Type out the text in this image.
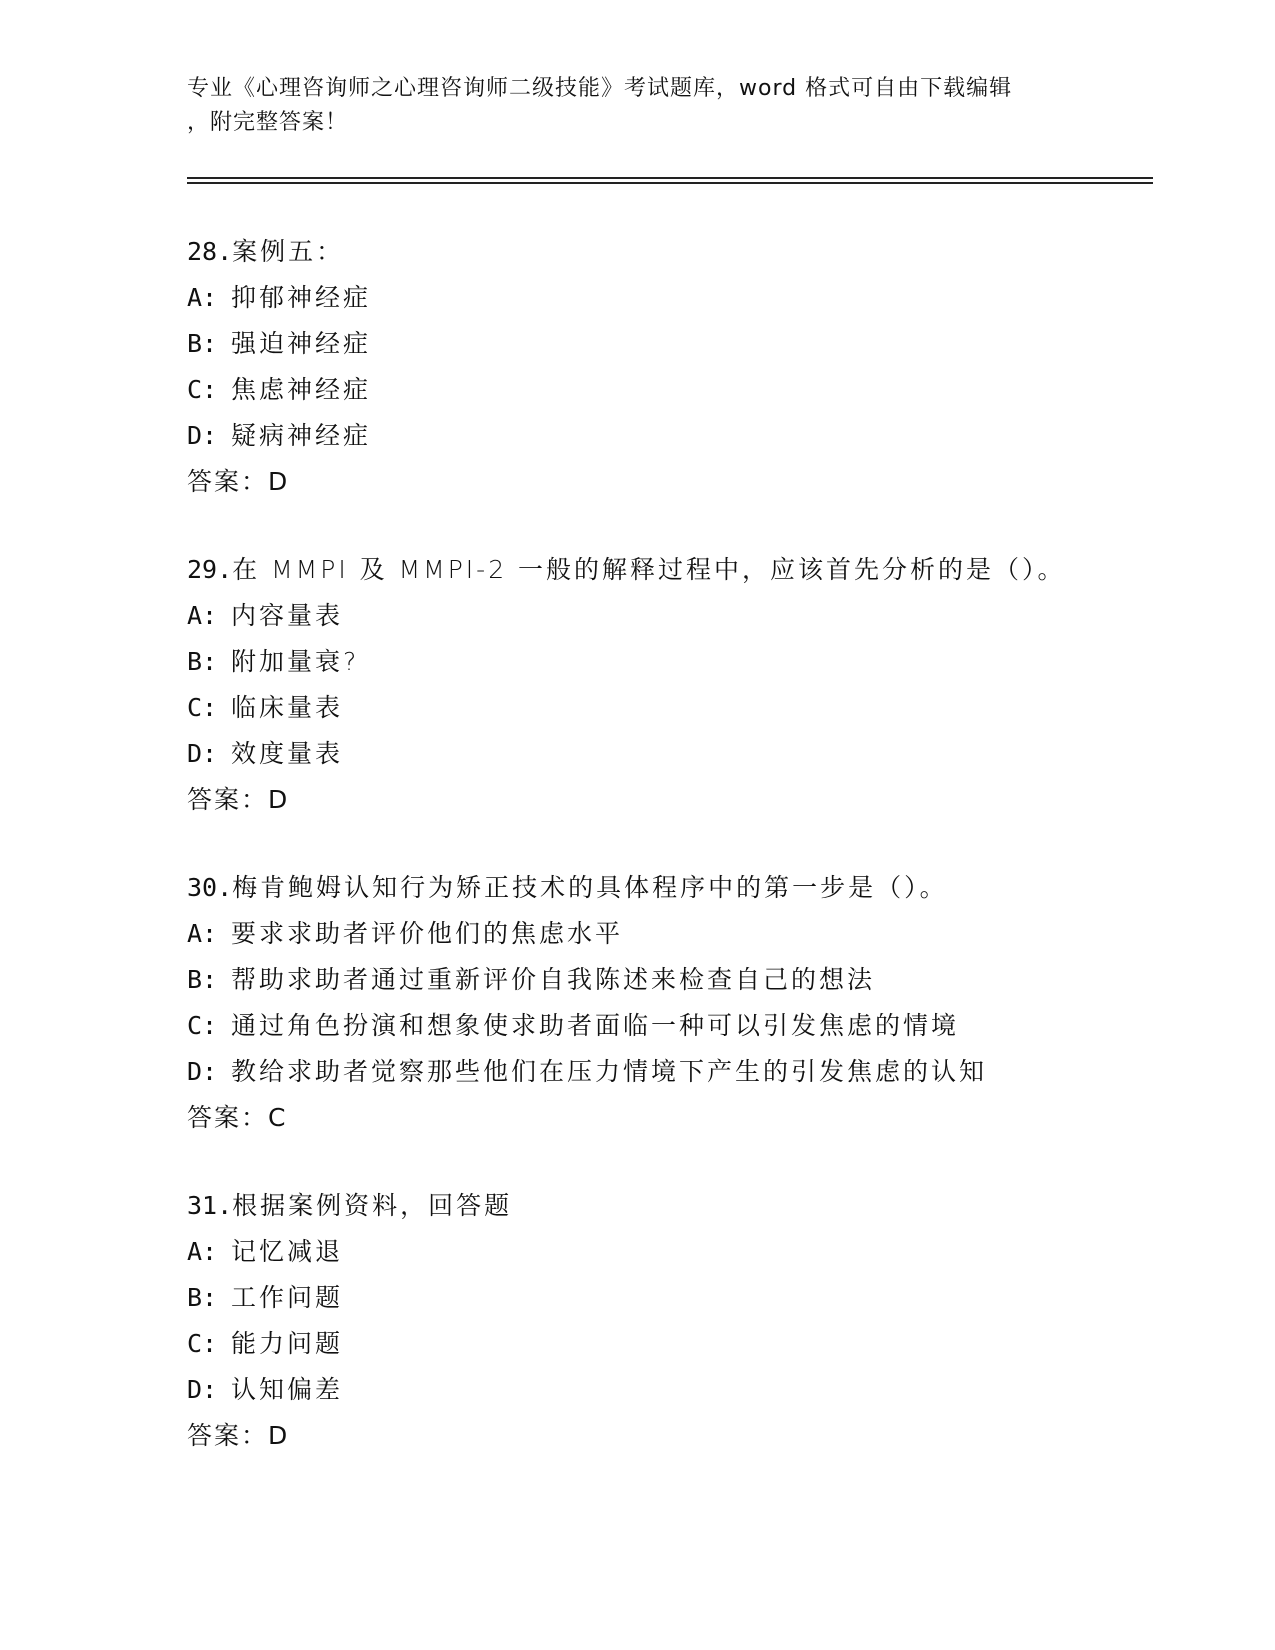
专业《心理咨询师之心理咨询师二级技能》考试题库，word 格式可自由下载编辑
，附完整答案！
28.案例五：
A: 抑郁神经症
B: 强迫神经症
C: 焦虑神经症
D: 疑病神经症
答案：D
29.在 MMPI 及 MMPI-2 一般的解释过程中，应该首先分析的是（）。
A: 内容量表
B: 附加量衰?
C: 临床量表
D: 效度量表
答案：D
30.梅肯鲍姆认知行为矫正技术的具体程序中的第一步是（）。
A: 要求求助者评价他们的焦虑水平
B: 帮助求助者通过重新评价自我陈述来检查自己的想法
C: 通过角色扮演和想象使求助者面临一种可以引发焦虑的情境
D: 教给求助者觉察那些他们在压力情境下产生的引发焦虑的认知
答案：C
31.根据案例资料，回答题
A: 记忆减退
B: 工作问题
C: 能力问题
D: 认知偏差
答案：D
